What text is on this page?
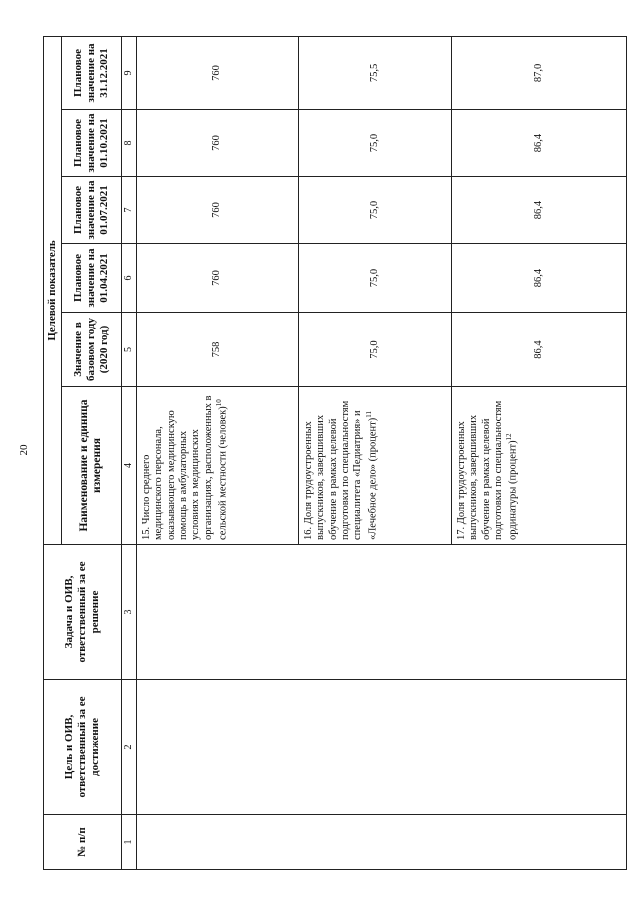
20
№ п/п	Цель и ОИВ, ответственный за ее достижение	Задача и ОИВ, ответственный за ее решение	Целевой показатель					
			Наименование и единица измерения	Значение в базовом году (2020 год)	Плановое значение на 01.04.2021	Плановое значение на 01.07.2021	Плановое значение на 01.10.2021	Плановое значение на 31.12.2021
1	2	3	4	5	6	7	8	9
			15. Число среднего медицинского персонала, оказывающего медицинскую помощь в амбулаторных условиях в медицинских организациях, расположенных в сельской местности (человек)$^{10}$	758	760	760	760	760
			16. Доля трудоустроенных выпускников, завершивших обучение в рамках целевой подготовки по специальностям специалитета «Педиатрия» и «Лечебное дело» (процент)$^{11}$	75,0	75,0	75,0	75,0	75,5
			17. Доля трудоустроенных выпускников, завершивших обучение в рамках целевой подготовки по специальностям ординатуры (процент)$^{12}$	86,4	86,4	86,4	86,4	87,0
